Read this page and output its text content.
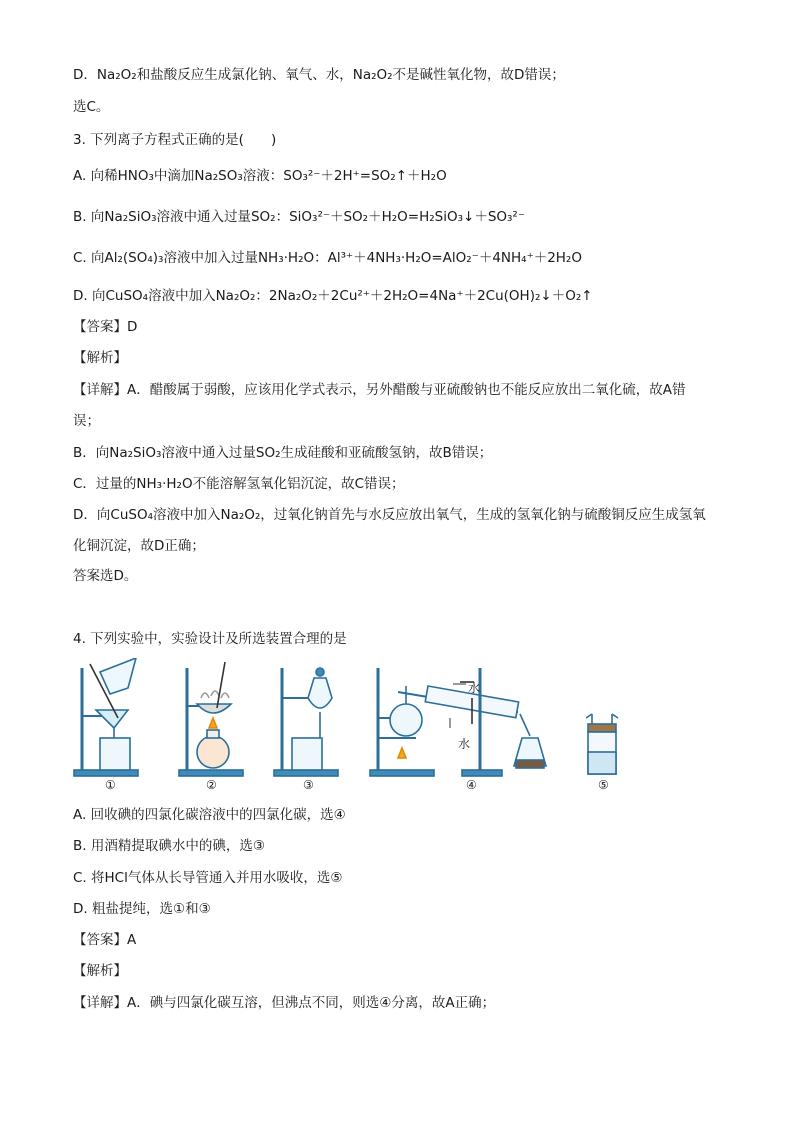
D．Na₂O₂和盐酸反应生成氯化钠、氧气、水，Na₂O₂不是碱性氧化物，故D错误；
选C。
3. 下列离子方程式正确的是(　　)
A. 向稀HNO₃中滴加Na₂SO₃溶液：SO₃²⁻＋2H⁺=SO₂↑＋H₂O
B. 向Na₂SiO₃溶液中通入过量SO₂：SiO₃²⁻＋SO₂＋H₂O=H₂SiO₃↓＋SO₃²⁻
C. 向Al₂(SO₄)₃溶液中加入过量NH₃·H₂O：Al³⁺＋4NH₃·H₂O=AlO₂⁻＋4NH₄⁺＋2H₂O
D. 向CuSO₄溶液中加入Na₂O₂：2Na₂O₂＋2Cu²⁺＋2H₂O=4Na⁺＋2Cu(OH)₂↓＋O₂↑
【答案】D
【解析】
【详解】A．醋酸属于弱酸，应该用化学式表示，另外醋酸与亚硫酸钠也不能反应放出二氧化硫，故A错
误；
B．向Na₂SiO₃溶液中通入过量SO₂生成硅酸和亚硫酸氢钠，故B错误；
C．过量的NH₃·H₂O不能溶解氢氧化铝沉淀，故C错误；
D．向CuSO₄溶液中加入Na₂O₂，过氧化钠首先与水反应放出氧气，生成的氢氧化钠与硫酸铜反应生成氢氧
化铜沉淀，故D正确；
答案选D。
4. 下列实验中，实验设计及所选装置合理的是
水
水
①	②	③	④	⑤
A. 回收碘的四氯化碳溶液中的四氯化碳，选④
B. 用酒精提取碘水中的碘，选③
C. 将HCl气体从长导管通入并用水吸收，选⑤
D. 粗盐提纯，选①和③
【答案】A
【解析】
【详解】A．碘与四氯化碳互溶，但沸点不同，则选④分离，故A正确；
